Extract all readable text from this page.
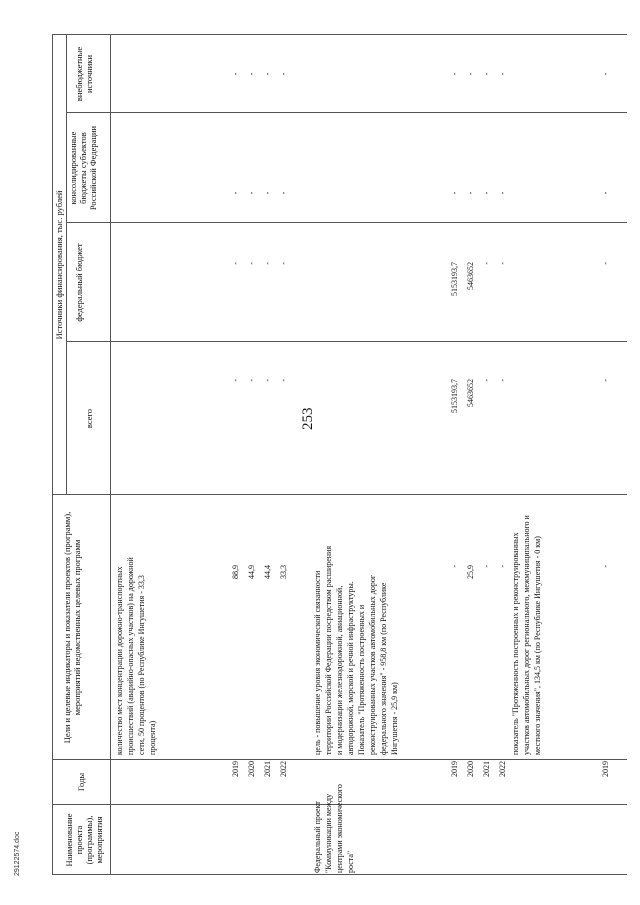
253
29122574.doc	Наименование проекта (программы), мероприятия
Годы
Цели и целевые индикаторы и показатели проектов (программ), мероприятий ведомственных целевых программ
Источники финансирования, тыс. рублей
всего
федеральный бюджет
консолидированные бюджеты субъектов Российской Федерации
внебюджетные источники
количество мест концентрации дорожно-транспортных происшествий (аварийно-опасных участков) на дорожной сети, 50 процентов (по Республике Ингушетия - 33,3 процента)
2019
88,9
-
-
-
-
2020
44,9
-
-
-
-
2021
44,4
-
-
-
-
2022
33,3
-
-
-
-
Федеральный проект "Коммуникации между центрами экономического роста"
цель - повышение уровня экономической связанности территории Российской Федерации посредством расширения и модернизации железнодорожной, авиационной, автодорожной, морской и речной инфраструктуры. Показатель "Протяженность построенных и реконструированных участков автомобильных дорог федерального значения" - 958,8 км (по Республике Ингушетия - 25,9 км)
2019
-
5153193,7
5153193,7
-
-
2020
25,9
5463652
5463652
-
-
2021
-
-
-
-
-
2022
-
-
-
-
-
показатель "Протяженность построенных и реконструированных участков автомобильных дорог регионального, межмуниципального и местного значения", 134,5 км (по Республике Ингушетия - 0 км)
2019
-
-
-
-
-
